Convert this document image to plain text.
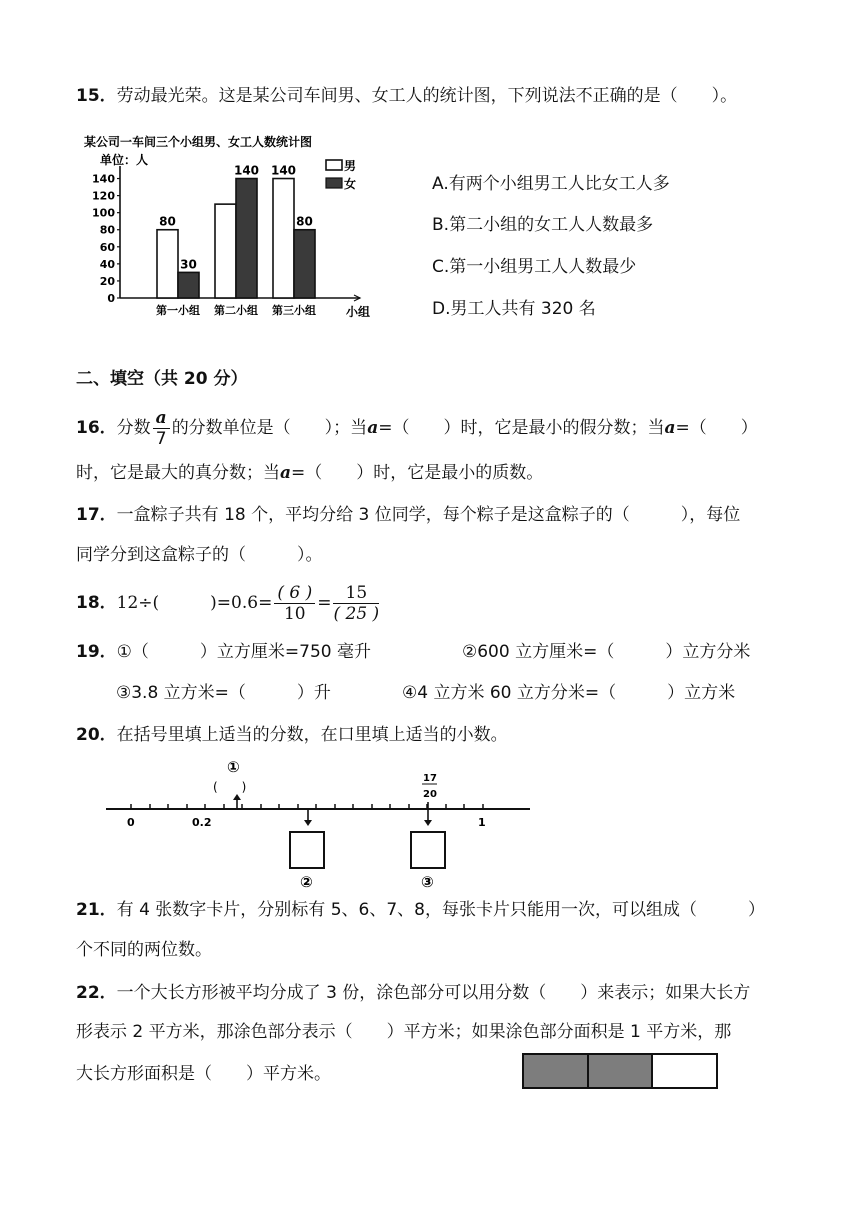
15．劳动最光荣。这是某公司车间男、女工人的统计图，下列说法不正确的是（　　）。
某公司一车间三个小组男、女工人数统计图
单位：人
0
20
40
60
80
100
120
140
80
30
第一小组
140
第二小组
140
80
第三小组	小组
男
女	A.有两个小组男工人比女工人多
B.第二小组的女工人人数最多
C.第一小组男工人人数最少
D.男工人共有 320 名
二、填空（共 20 分）
16．分数 $\frac{a}{7}$ 的分数单位是（　　）；当a=（　　）时，它是最小的假分数；当a=（　　）
时，它是最大的真分数；当a=（　　）时，它是最小的质数。
17．一盒粽子共有 18 个，平均分给 3 位同学，每个粽子是这盒粽子的（　　　），每位
同学分到这盒粽子的（　　　）。
18．12÷(　　　)$=0.6= \frac{( 6 )}{10} = \frac{15}{( 25 )}$
19．①（　　　）立方厘米=750 毫升	②600 立方厘米=（　　　）立方分米
③3.8 立方米=（　　　）升	④4 立方米 60 立方分米=（　　　）立方米
20．在括号里填上适当的分数，在口里填上适当的小数。
0	0.2	1
①
(　　)
②
17
20
③
21．有 4 张数字卡片，分别标有 5、6、7、8，每张卡片只能用一次，可以组成（　　　）
个不同的两位数。
22．一个大长方形被平均分成了 3 份，涂色部分可以用分数（　　）来表示；如果大长方
形表示 2 平方米，那涂色部分表示（　　）平方米；如果涂色部分面积是 1 平方米，那
大长方形面积是（　　）平方米。
